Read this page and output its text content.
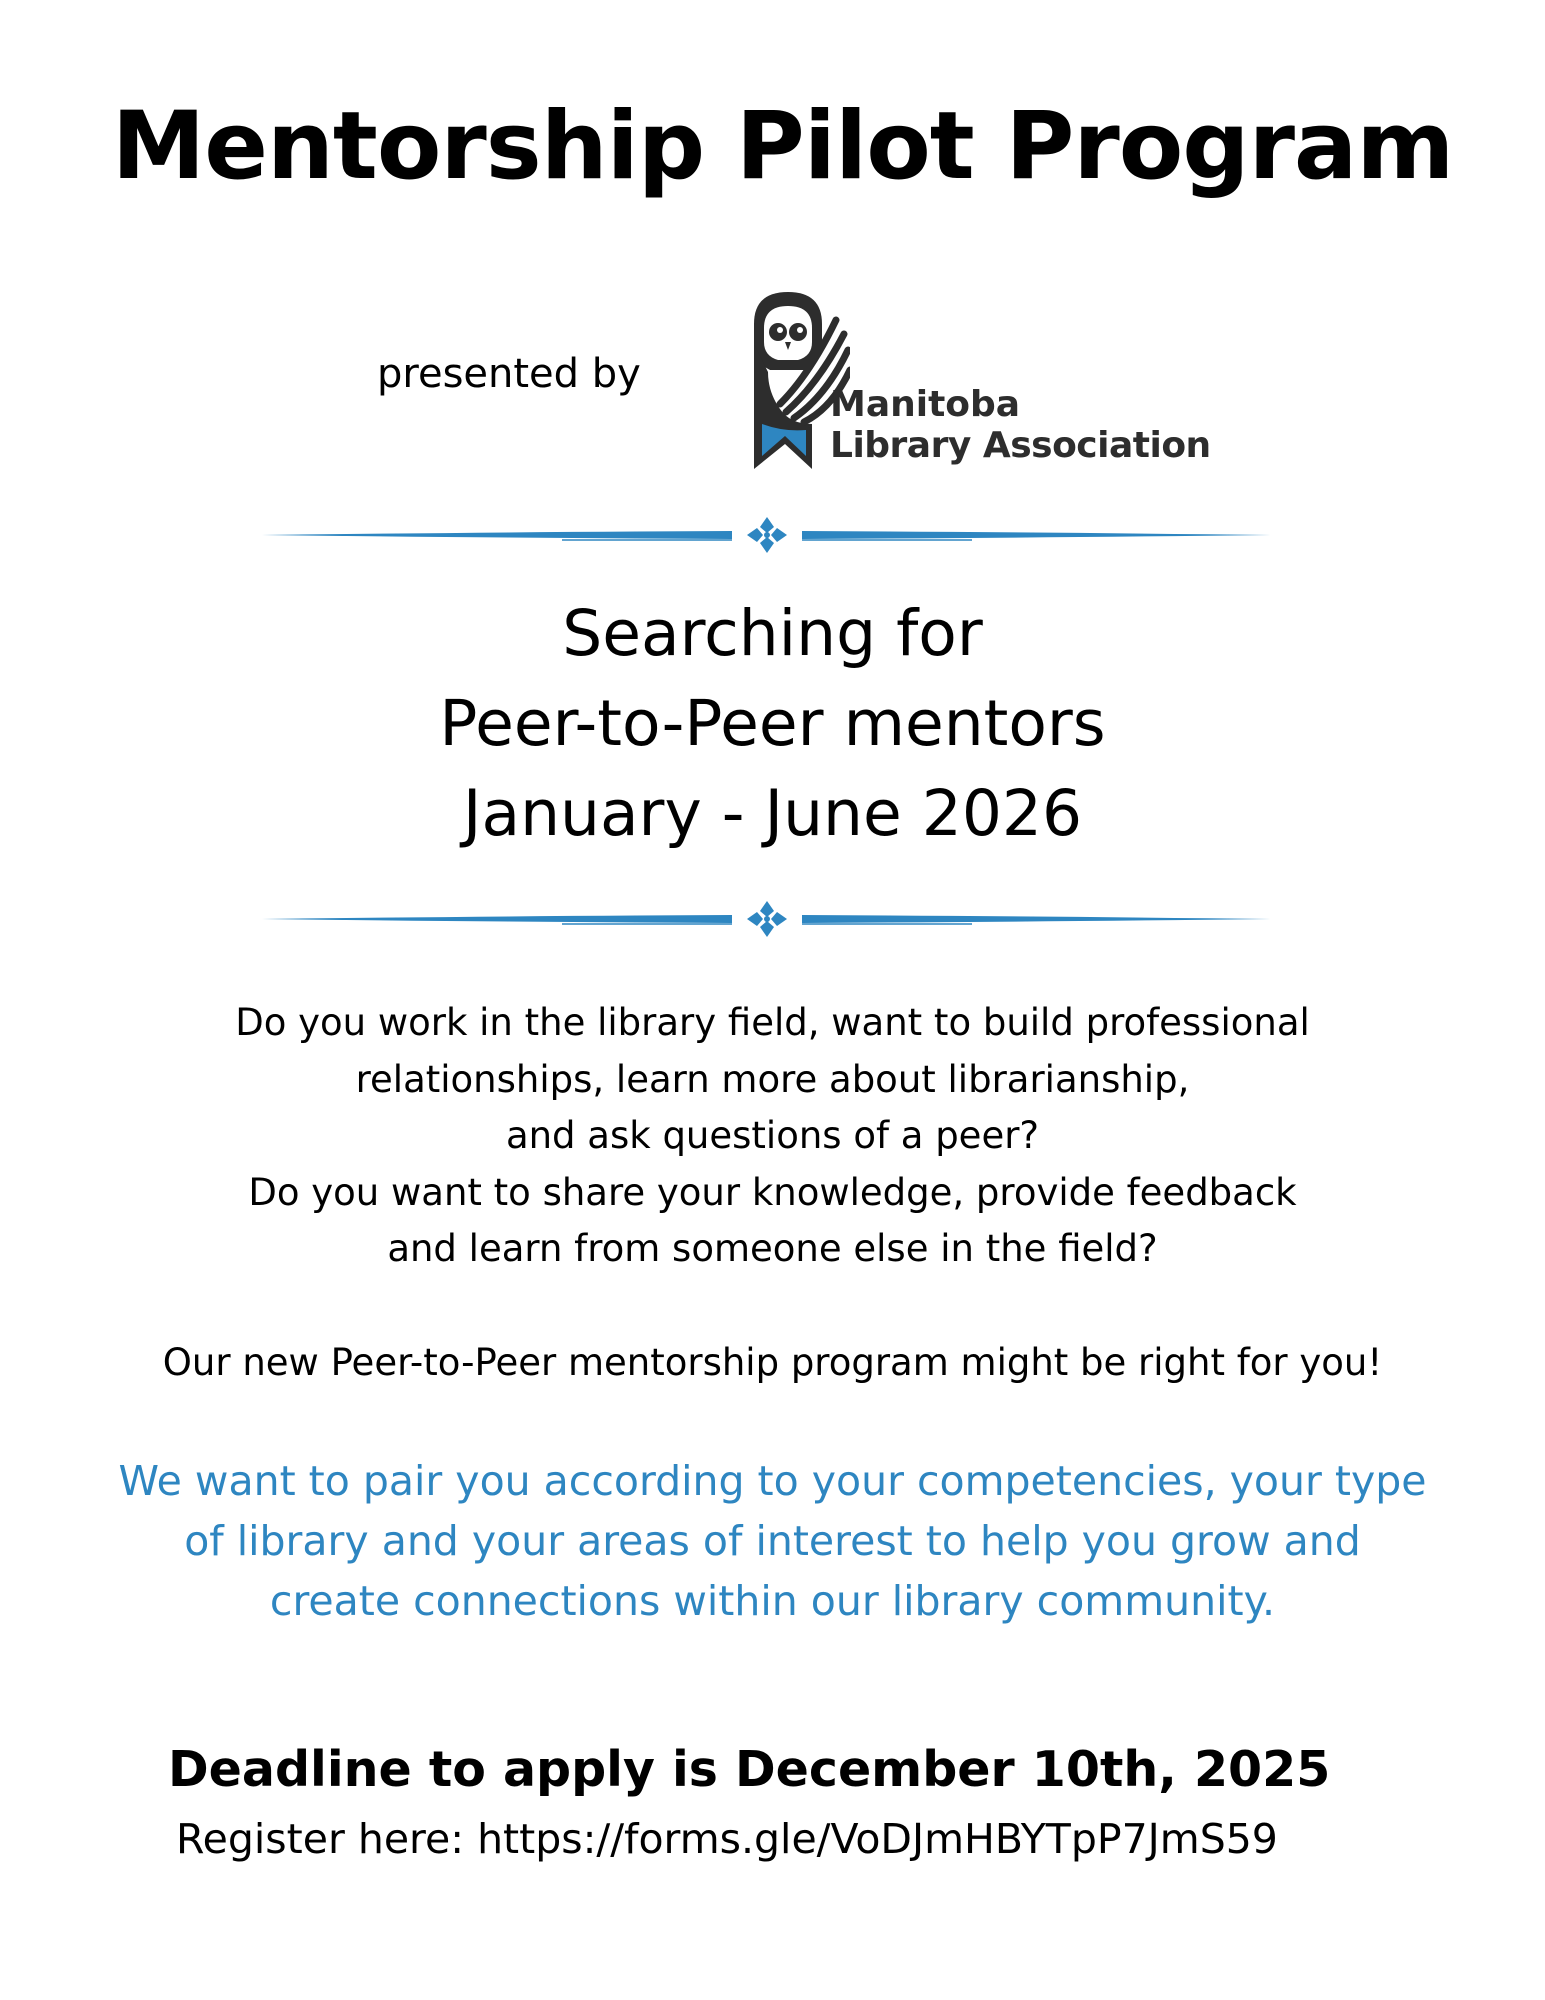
Mentorship Pilot Program
presented by
Manitoba
Library Association
Searching for
Peer-to-Peer mentors
January - June 2026
Do you work in the library field, want to build professional
relationships, learn more about librarianship,
and ask questions of a peer?
Do you want to share your knowledge, provide feedback
and learn from someone else in the field?
Our new Peer-to-Peer mentorship program might be right for you!
We want to pair you according to your competencies, your type
of library and your areas of interest to help you grow and
create connections within our library community.
Deadline to apply is December 10th, 2025
Register here: https://forms.gle/VoDJmHBYTpP7JmS59
